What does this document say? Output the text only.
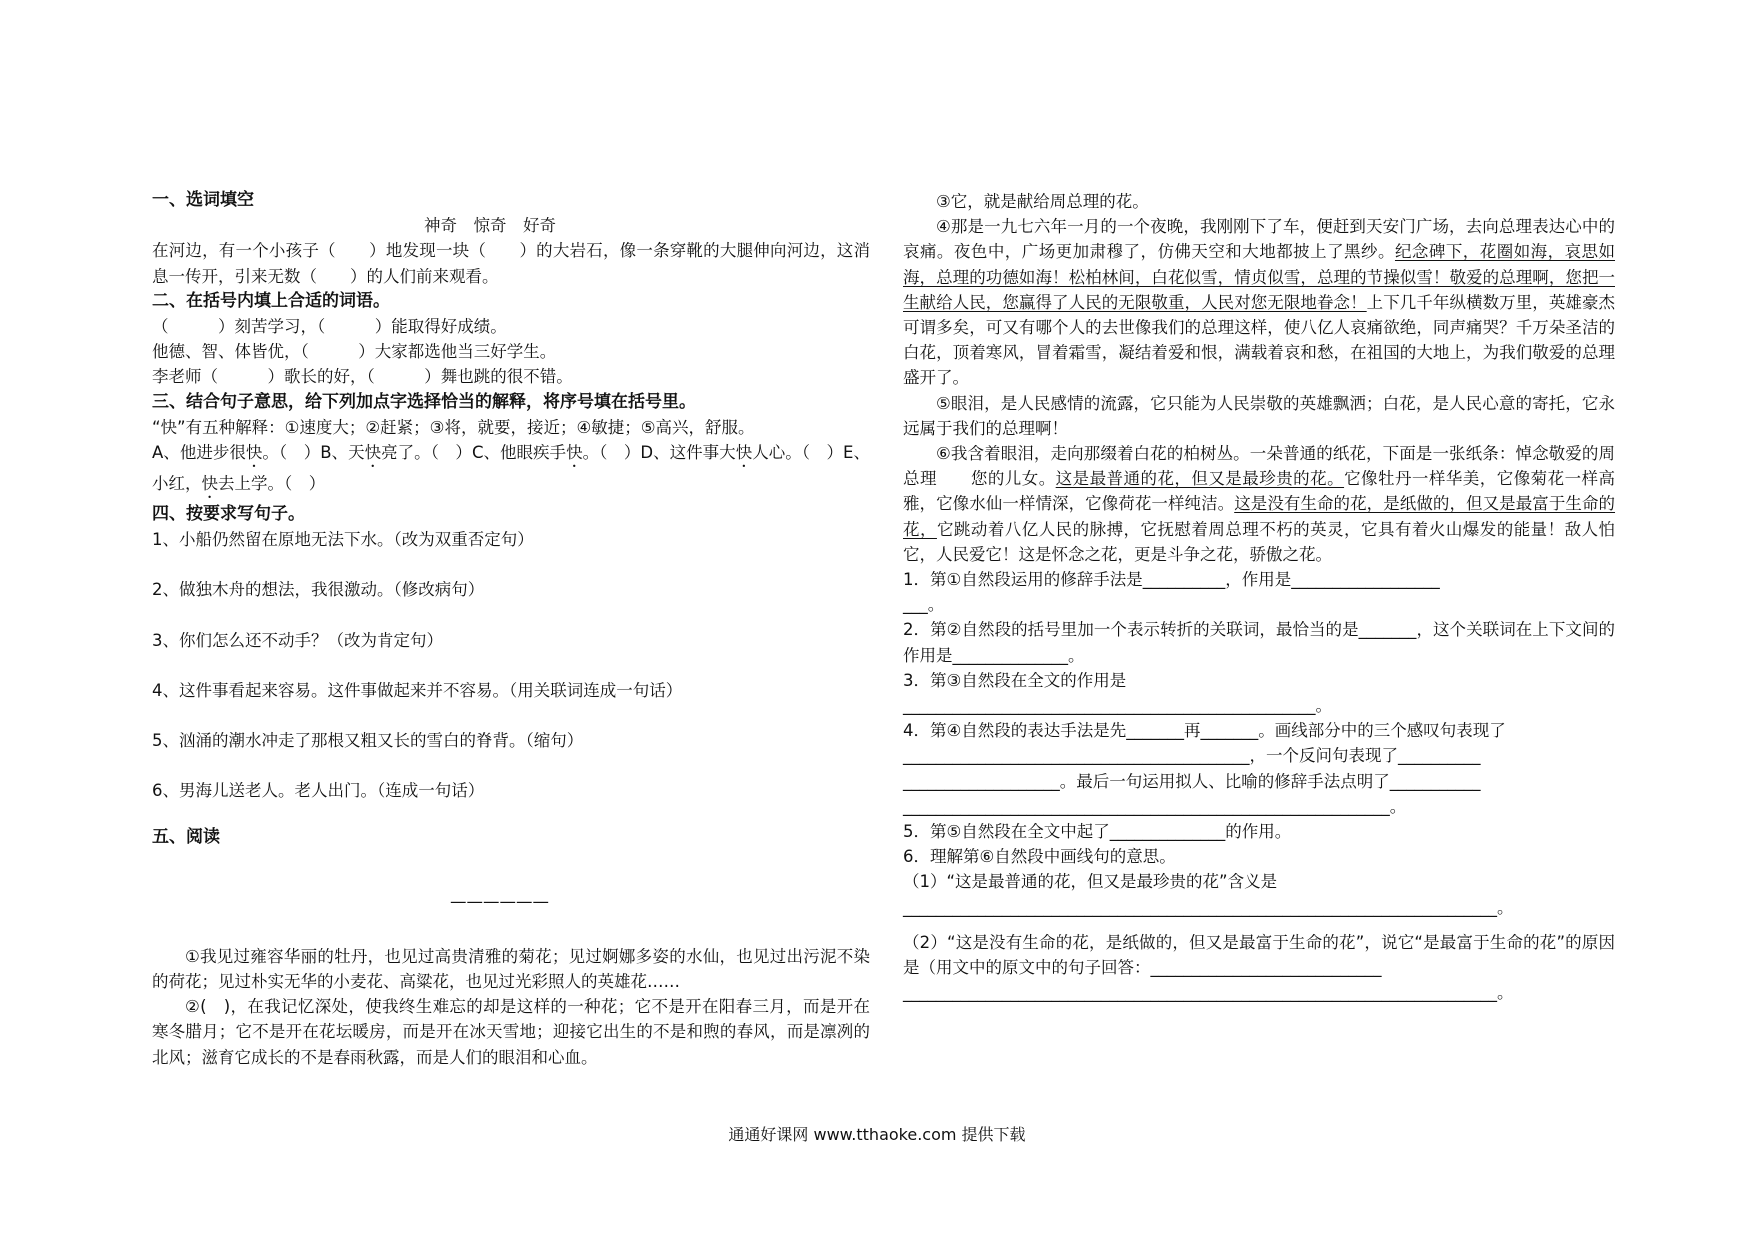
一、选词填空

神奇　惊奇　好奇

在河边，有一个小孩子（　　）地发现一块（　　）的大岩石，像一条穿靴的大腿伸向河边，这消息一传开，引来无数（　　）的人们前来观看。

二、在括号内填上合适的词语。

（　　　）刻苦学习，（　　　）能取得好成绩。

他德、智、体皆优，（　　　）大家都选他当三好学生。

李老师（　　　）歌长的好，（　　　）舞也跳的很不错。

三、结合句子意思，给下列加点字选择恰当的解释，将序号填在括号里。

“快”有五种解释：①速度大；②赶紧；③将，就要，接近；④敏捷；⑤高兴，舒服。

A、他进步很快。（　）B、天快亮了。（　）C、他眼疾手快。（　）D、这件事大快人心。（　）E、小红，快去上学。（　）

四、按要求写句子。

1、小船仍然留在原地无法下水。（改为双重否定句）

2、做独木舟的想法，我很激动。（修改病句）

3、你们怎么还不动手？（改为肯定句）

4、这件事看起来容易。这件事做起来并不容易。（用关联词连成一句话）

5、汹涌的潮水冲走了那根又粗又长的雪白的脊背。（缩句）

6、男海儿送老人。老人出门。（连成一句话）

五、阅读

——————

①我见过雍容华丽的牡丹，也见过高贵清雅的菊花；见过婀娜多姿的水仙，也见过出污泥不染的荷花；见过朴实无华的小麦花、高粱花，也见过光彩照人的英雄花……

②(　)，在我记忆深处，使我终生难忘的却是这样的一种花；它不是开在阳春三月，而是开在寒冬腊月；它不是开在花坛暖房，而是开在冰天雪地；迎接它出生的不是和煦的春风，而是凛冽的北风；滋育它成长的不是春雨秋露，而是人们的眼泪和心血。

③它，就是献给周总理的花。

④那是一九七六年一月的一个夜晚，我刚刚下了车，便赶到天安门广场，去向总理表达心中的哀痛。夜色中，广场更加肃穆了，仿佛天空和大地都披上了黑纱。纪念碑下，花圈如海，哀思如海，总理的功德如海！松柏林间，白花似雪，情贞似雪，总理的节操似雪！敬爱的总理啊，您把一生献给人民，您赢得了人民的无限敬重，人民对您无限地眷念！上下几千年纵横数万里，英雄豪杰可谓多矣，可又有哪个人的去世像我们的总理这样，使八亿人哀痛欲绝，同声痛哭？千万朵圣洁的白花，顶着寒风，冒着霜雪，凝结着爱和恨，满载着哀和愁，在祖国的大地上，为我们敬爱的总理盛开了。

⑤眼泪，是人民感情的流露，它只能为人民崇敬的英雄飘洒；白花，是人民心意的寄托，它永远属于我们的总理啊！

⑥我含着眼泪，走向那缀着白花的柏树丛。一朵普通的纸花，下面是一张纸条：悼念敬爱的周总理　　您的儿女。这是最普通的花，但又是最珍贵的花。它像牡丹一样华美，它像菊花一样高雅，它像水仙一样情深，它像荷花一样纯洁。这是没有生命的花，是纸做的，但又是最富于生命的花，它跳动着八亿人民的脉搏，它抚慰着周总理不朽的英灵，它具有着火山爆发的能量！敌人怕它，人民爱它！这是怀念之花，更是斗争之花，骄傲之花。

1．第①自然段运用的修辞手法是__________，作用是__________________

___。

2．第②自然段的括号里加一个表示转折的关联词，最恰当的是_______，这个关联词在上下文间的作用是______________。

3．第③自然段在全文的作用是

__________________________________________________。

4．第④自然段的表达手法是先_______再_______。画线部分中的三个感叹句表现了

__________________________________________，一个反问句表现了__________

___________________。最后一句运用拟人、比喻的修辞手法点明了___________

___________________________________________________________。

5．第⑤自然段在全文中起了______________的作用。

6．理解第⑥自然段中画线句的意思。

（1）“这是最普通的花，但又是最珍贵的花”含义是

________________________________________________________________________。

（2）“这是没有生命的花，是纸做的，但又是最富于生命的花”，说它“是最富于生命的花”的原因是（用文中的原文中的句子回答：____________________________

________________________________________________________________________。

通通好课网 www.tthaoke.com 提供下载
